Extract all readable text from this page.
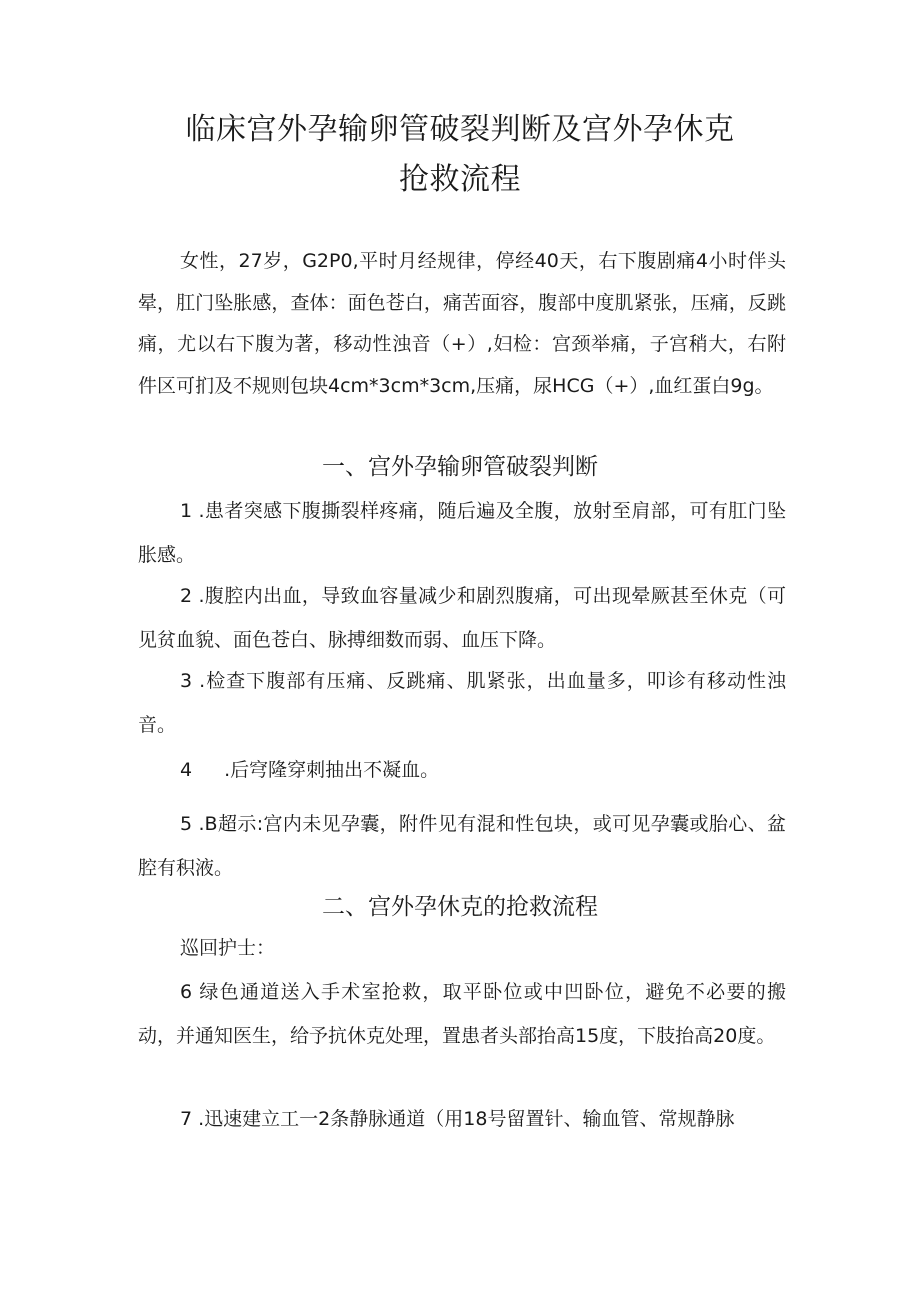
临床宫外孕输卵管破裂判断及宫外孕休克
抢救流程

女性，27岁，G2P0,平时月经规律，停经40天，右下腹剧痛4小时伴头晕，肛门坠胀感，查体：面色苍白，痛苦面容，腹部中度肌紧张，压痛，反跳痛，尤以右下腹为著，移动性浊音（+）,妇检：宫颈举痛，子宫稍大，右附件区可扪及不规则包块4cm*3cm*3cm,压痛，尿HCG（+）,血红蛋白9g。

一、宫外孕输卵管破裂判断

1 .患者突感下腹撕裂样疼痛，随后遍及全腹，放射至肩部，可有肛门坠胀感。

2 .腹腔内出血，导致血容量减少和剧烈腹痛，可出现晕厥甚至休克（可见贫血貌、面色苍白、脉搏细数而弱、血压下降。

3 .检查下腹部有压痛、反跳痛、肌紧张，出血量多，叩诊有移动性浊音。

4 .后穹隆穿刺抽出不凝血。

5 .B超示:宫内未见孕囊，附件见有混和性包块，或可见孕囊或胎心、盆腔有积液。

二、宫外孕休克的抢救流程

巡回护士：

6 绿色通道送入手术室抢救，取平卧位或中凹卧位，避免不必要的搬动，并通知医生，给予抗休克处理，置患者头部抬高15度，下肢抬高20度。

7 .迅速建立工一2条静脉通道（用18号留置针、输血管、常规静脉
